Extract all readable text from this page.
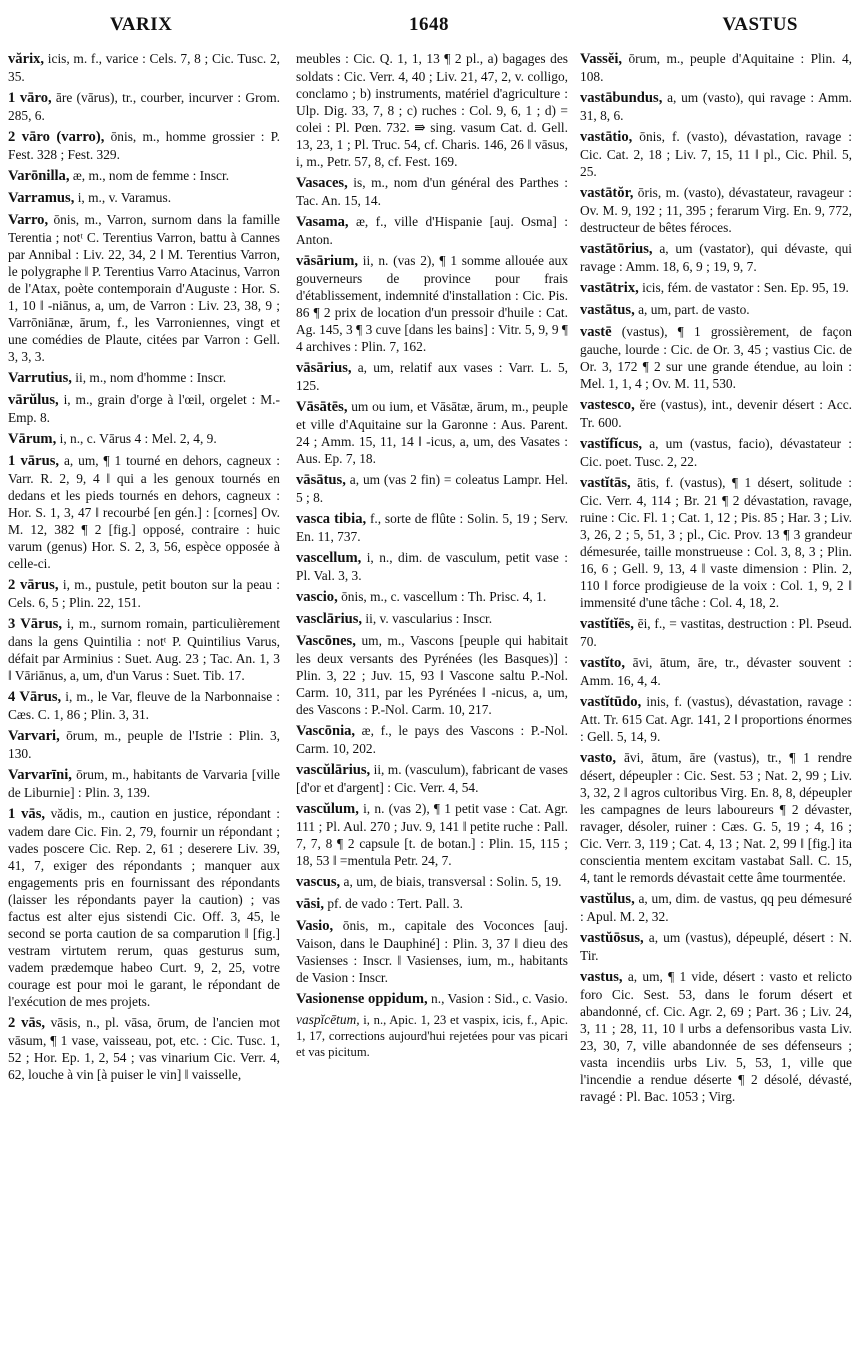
VARIX	1648	VASTUS

vărix, icis, m. f., varice : Cels. 7, 8 ; Cic. Tusc. 2, 35.

1 vāro, āre (vārus), tr., courber, incurver : Grom. 285, 6.

2 vāro (varro), ōnis, m., homme grossier : P. Fest. 328 ; Fest. 329.

Varōnilla, æ, m., nom de femme : Inscr.

Varramus, i, m., v. Varamus.

Varro, ōnis, m., Varron, surnom dans la famille Terentia ; notᵗ C. Terentius Varron, battu à Cannes par Annibal : Liv. 22, 34, 2 ‖ M. Terentius Varron, le polygraphe ‖ P. Terentius Varro Atacinus, Varron de l'Atax, poète contemporain d'Auguste : Hor. S. 1, 10 ‖ -niānus, a, um, de Varron : Liv. 23, 38, 9 ; Varrōniānæ, ārum, f., les Varroniennes, vingt et une comédies de Plaute, citées par Varron : Gell. 3, 3, 3.

Varrutius, ii, m., nom d'homme : Inscr.

vārŭlus, i, m., grain d'orge à l'œil, orgelet : M.-Emp. 8.

Vārum, i, n., c. Vārus 4 : Mel. 2, 4, 9.

1 vārus, a, um, ¶ 1 tourné en dehors, cagneux : Varr. R. 2, 9, 4 ‖ qui a les genoux tournés en dedans et les pieds tournés en dehors, cagneux : Hor. S. 1, 3, 47 ‖ recourbé [en gén.] : [cornes] Ov. M. 12, 382 ¶ 2 [fig.] opposé, contraire : huic varum (genus) Hor. S. 2, 3, 56, espèce opposée à celle-ci.

2 vārus, i, m., pustule, petit bouton sur la peau : Cels. 6, 5 ; Plin. 22, 151.

3 Vārus, i, m., surnom romain, particulièrement dans la gens Quintilia : notᵗ P. Quintilius Varus, défait par Arminius : Suet. Aug. 23 ; Tac. An. 1, 3 ‖ Vāriānus, a, um, d'un Varus : Suet. Tib. 17.

4 Vārus, i, m., le Var, fleuve de la Narbonnaise : Cæs. C. 1, 86 ; Plin. 3, 31.

Varvari, ōrum, m., peuple de l'Istrie : Plin. 3, 130.

Varvarīni, ōrum, m., habitants de Varvaria [ville de Liburnie] : Plin. 3, 139.

1 vās, vădis, m., caution en justice, répondant : vadem dare Cic. Fin. 2, 79, fournir un répondant ; vades poscere Cic. Rep. 2, 61 ; deserere Liv. 39, 41, 7, exiger des répondants ; manquer aux engagements pris en fournissant des répondants (laisser les répondants payer la caution) ; vas factus est alter ejus sistendi Cic. Off. 3, 45, le second se porta caution de sa comparution ‖ [fig.] vestram virtutem rerum, quas gesturus sum, vadem prædemque habeo Curt. 9, 2, 25, votre courage est pour moi le garant, le répondant de l'exécution de mes projets.

2 vās, vāsis, n., pl. vāsa, ōrum, de l'ancien mot vāsum, ¶ 1 vase, vaisseau, pot, etc. : Cic. Tusc. 1, 52 ; Hor. Ep. 1, 2, 54 ; vas vinarium Cic. Verr. 4, 62, louche à vin [à puiser le vin] ‖ vaisselle,

meubles : Cic. Q. 1, 1, 13 ¶ 2 pl., a) bagages des soldats : Cic. Verr. 4, 40 ; Liv. 21, 47, 2, v. colligo, conclamo ; b) instruments, matériel d'agriculture : Ulp. Dig. 33, 7, 8 ; c) ruches : Col. 9, 6, 1 ; d) = colei : Pl. Pœn. 732. ⇛ sing. vasum Cat. d. Gell. 13, 23, 1 ; Pl. Truc. 54, cf. Charis. 146, 26 ‖ vāsus, i, m., Petr. 57, 8, cf. Fest. 169.

Vasaces, is, m., nom d'un général des Parthes : Tac. An. 15, 14.

Vasama, æ, f., ville d'Hispanie [auj. Osma] : Anton.

vāsārium, ii, n. (vas 2), ¶ 1 somme allouée aux gouverneurs de province pour frais d'établissement, indemnité d'installation : Cic. Pis. 86 ¶ 2 prix de location d'un pressoir d'huile : Cat. Ag. 145, 3 ¶ 3 cuve [dans les bains] : Vitr. 5, 9, 9 ¶ 4 archives : Plin. 7, 162.

vāsārius, a, um, relatif aux vases : Varr. L. 5, 125.

Vāsātēs, um ou ium, et Vāsātæ, ārum, m., peuple et ville d'Aquitaine sur la Garonne : Aus. Parent. 24 ; Amm. 15, 11, 14 ‖ -icus, a, um, des Vasates : Aus. Ep. 7, 18.

vāsātus, a, um (vas 2 fin) = coleatus Lampr. Hel. 5 ; 8.

vasca tibia, f., sorte de flûte : Solin. 5, 19 ; Serv. En. 11, 737.

vascellum, i, n., dim. de vasculum, petit vase : Pl. Val. 3, 3.

vascio, ōnis, m., c. vascellum : Th. Prisc. 4, 1.

vasclārius, ii, v. vascularius : Inscr.

Vascōnes, um, m., Vascons [peuple qui habitait les deux versants des Pyrénées (les Basques)] : Plin. 3, 22 ; Juv. 15, 93 ‖ Vascone saltu P.-Nol. Carm. 10, 311, par les Pyrénées ‖ -nicus, a, um, des Vascons : P.-Nol. Carm. 10, 217.

Vascōnia, æ, f., le pays des Vascons : P.-Nol. Carm. 10, 202.

vascŭlārius, ii, m. (vasculum), fabricant de vases [d'or et d'argent] : Cic. Verr. 4, 54.

vascŭlum, i, n. (vas 2), ¶ 1 petit vase : Cat. Agr. 111 ; Pl. Aul. 270 ; Juv. 9, 141 ‖ petite ruche : Pall. 7, 7, 8 ¶ 2 capsule [t. de botan.] : Plin. 15, 115 ; 18, 53 ‖ =mentula Petr. 24, 7.

vascus, a, um, de biais, transversal : Solin. 5, 19.

vāsi, pf. de vado : Tert. Pall. 3.

Vasio, ōnis, m., capitale des Voconces [auj. Vaison, dans le Dauphiné] : Plin. 3, 37 ‖ dieu des Vasienses : Inscr. ‖ Vasienses, ium, m., habitants de Vasion : Inscr.

Vasionense oppidum, n., Vasion : Sid., c. Vasio.

vaspĭcētum, i, n., Apic. 1, 23 et vaspix, icis, f., Apic. 1, 17, corrections aujourd'hui rejetées pour vas picari et vas picitum.

Vassĕi, ōrum, m., peuple d'Aquitaine : Plin. 4, 108.

vastābundus, a, um (vasto), qui ravage : Amm. 31, 8, 6.

vastātio, ōnis, f. (vasto), dévastation, ravage : Cic. Cat. 2, 18 ; Liv. 7, 15, 11 ‖ pl., Cic. Phil. 5, 25.

vastātŏr, ōris, m. (vasto), dévastateur, ravageur : Ov. M. 9, 192 ; 11, 395 ; ferarum Virg. En. 9, 772, destructeur de bêtes féroces.

vastātōrius, a, um (vastator), qui dévaste, qui ravage : Amm. 18, 6, 9 ; 19, 9, 7.

vastātrix, icis, fém. de vastator : Sen. Ep. 95, 19.

vastātus, a, um, part. de vasto.

vastē (vastus), ¶ 1 grossièrement, de façon gauche, lourde : Cic. de Or. 3, 45 ; vastius Cic. de Or. 3, 172 ¶ 2 sur une grande étendue, au loin : Mel. 1, 1, 4 ; Ov. M. 11, 530.

vastesco, ĕre (vastus), int., devenir désert : Acc. Tr. 600.

vastĭfĭcus, a, um (vastus, facio), dévastateur : Cic. poet. Tusc. 2, 22.

vastĭtās, ātis, f. (vastus), ¶ 1 désert, solitude : Cic. Verr. 4, 114 ; Br. 21 ¶ 2 dévastation, ravage, ruine : Cic. Fl. 1 ; Cat. 1, 12 ; Pis. 85 ; Har. 3 ; Liv. 3, 26, 2 ; 5, 51, 3 ; pl., Cic. Prov. 13 ¶ 3 grandeur démesurée, taille monstrueuse : Col. 3, 8, 3 ; Plin. 16, 6 ; Gell. 9, 13, 4 ‖ vaste dimension : Plin. 2, 110 ‖ force prodigieuse de la voix : Col. 1, 9, 2 ‖ immensité d'une tâche : Col. 4, 18, 2.

vastĭtĭēs, ēi, f., = vastitas, destruction : Pl. Pseud. 70.

vastĭto, āvi, ātum, āre, tr., dévaster souvent : Amm. 16, 4, 4.

vastĭtūdo, inis, f. (vastus), dévastation, ravage : Att. Tr. 615 Cat. Agr. 141, 2 ‖ proportions énormes : Gell. 5, 14, 9.

vasto, āvi, ātum, āre (vastus), tr., ¶ 1 rendre désert, dépeupler : Cic. Sest. 53 ; Nat. 2, 99 ; Liv. 3, 32, 2 ‖ agros cultoribus Virg. En. 8, 8, dépeupler les campagnes de leurs laboureurs ¶ 2 dévaster, ravager, désoler, ruiner : Cæs. G. 5, 19 ; 4, 16 ; Cic. Verr. 3, 119 ; Cat. 4, 13 ; Nat. 2, 99 ‖ [fig.] ita conscientia mentem excitam vastabat Sall. C. 15, 4, tant le remords dévastait cette âme tourmentée.

vastŭlus, a, um, dim. de vastus, qq peu démesuré : Apul. M. 2, 32.

vastŭōsus, a, um (vastus), dépeuplé, désert : N. Tir.

vastus, a, um, ¶ 1 vide, désert : vasto et relicto foro Cic. Sest. 53, dans le forum désert et abandonné, cf. Cic. Agr. 2, 69 ; Part. 36 ; Liv. 24, 3, 11 ; 28, 11, 10 ‖ urbs a defensoribus vasta Liv. 23, 30, 7, ville abandonnée de ses défenseurs ; vasta incendiis urbs Liv. 5, 53, 1, ville que l'incendie a rendue déserte ¶ 2 désolé, dévasté, ravagé : Pl. Bac. 1053 ; Virg.
